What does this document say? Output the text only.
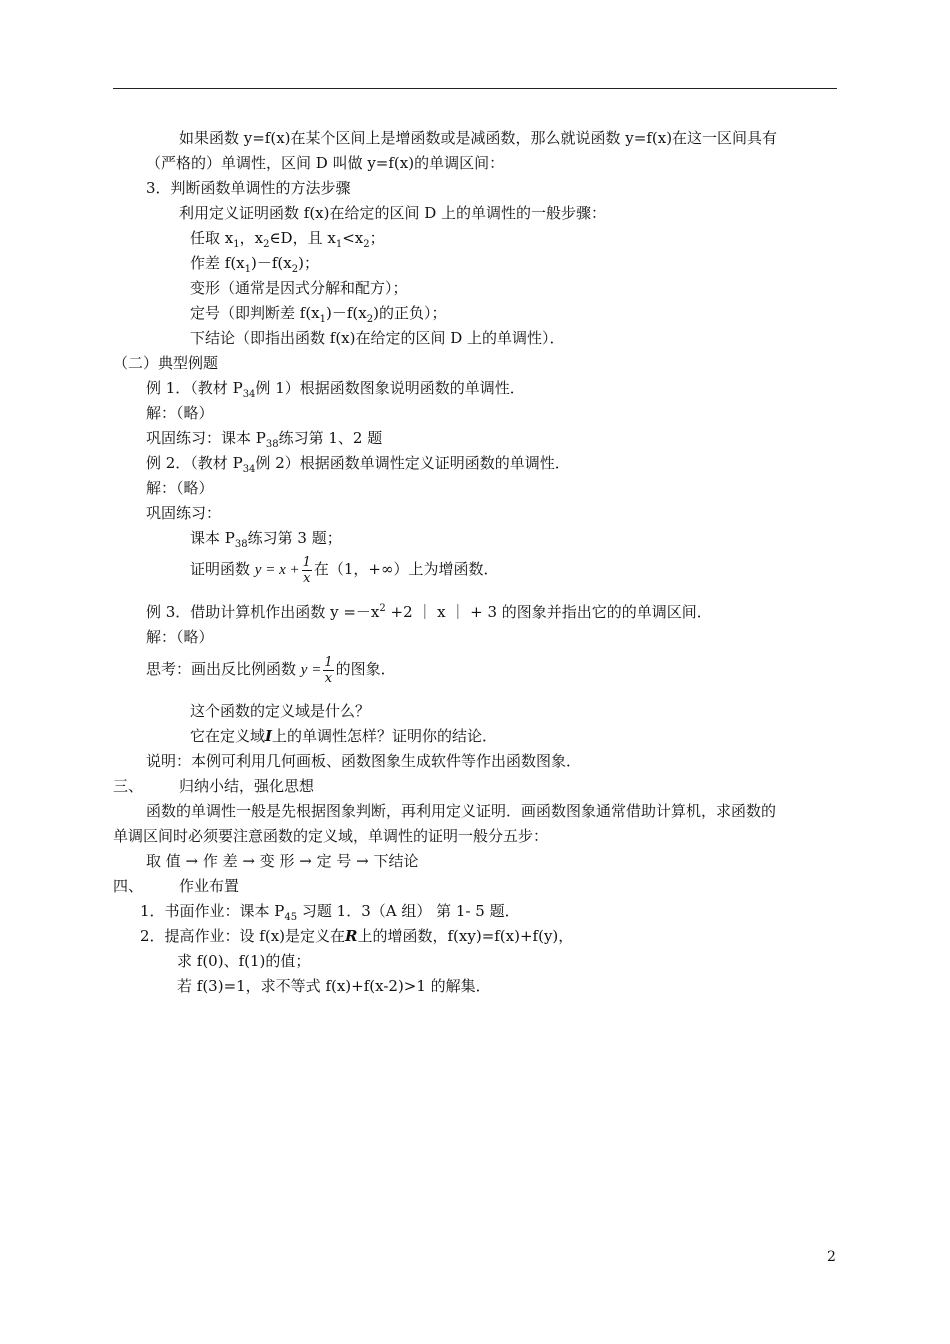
如果函数 y=f(x)在某个区间上是增函数或是减函数，那么就说函数 y=f(x)在这一区间具有
（严格的）单调性，区间 D 叫做 y=f(x)的单调区间：
3．判断函数单调性的方法步骤
利用定义证明函数 f(x)在给定的区间 D 上的单调性的一般步骤：
任取 $x_1$，$x_2\in D$，且 $x_1<x_2$；
作差 $f(x_1)-f(x_2)$；
变形（通常是因式分解和配方）；
定号（即判断差 $f(x_1)-f(x_2)$的正负）；
下结论（即指出函数 f(x)在给定的区间 D 上的单调性）．
（二）典型例题
例 1．（教材 $P_{34}$例 1）根据函数图象说明函数的单调性．
解：（略）
巩固练习：课本 $P_{38}$练习第 1、2 题
例 2．（教材 $P_{34}$例 2）根据函数单调性定义证明函数的单调性．
解：（略）
巩固练习：
课本 $P_{38}$练习第 3 题；
证明函数 $y = x + \frac{1}{x}$ 在（1，+∞）上为增函数．
例 3．借助计算机作出函数 $y =-x^2 +2$ ｜ x ｜ + 3 的图象并指出它的的单调区间．
解：（略）
思考：画出反比例函数 $y = \frac{1}{x}$ 的图象．
这个函数的定义域是什么？
它在定义域I上的单调性怎样？证明你的结论．
说明：本例可利用几何画板、函数图象生成软件等作出函数图象．
三、 归纳小结，强化思想
函数的单调性一般是先根据图象判断，再利用定义证明．画函数图象通常借助计算机，求函数的
单调区间时必须要注意函数的定义域，单调性的证明一般分五步：
取 值 → 作 差 → 变 形 → 定 号 → 下结论
四、 作业布置
1．书面作业：课本 $P_{45}$ 习题 1．3（A 组） 第 1- 5 题．
2．提高作业：设 f(x)是定义在R上的增函数，f(xy)=f(x)+f(y)，
求 f(0)、f(1)的值；
若 f(3)=1，求不等式 f(x)+f(x-2)>1 的解集．
2
